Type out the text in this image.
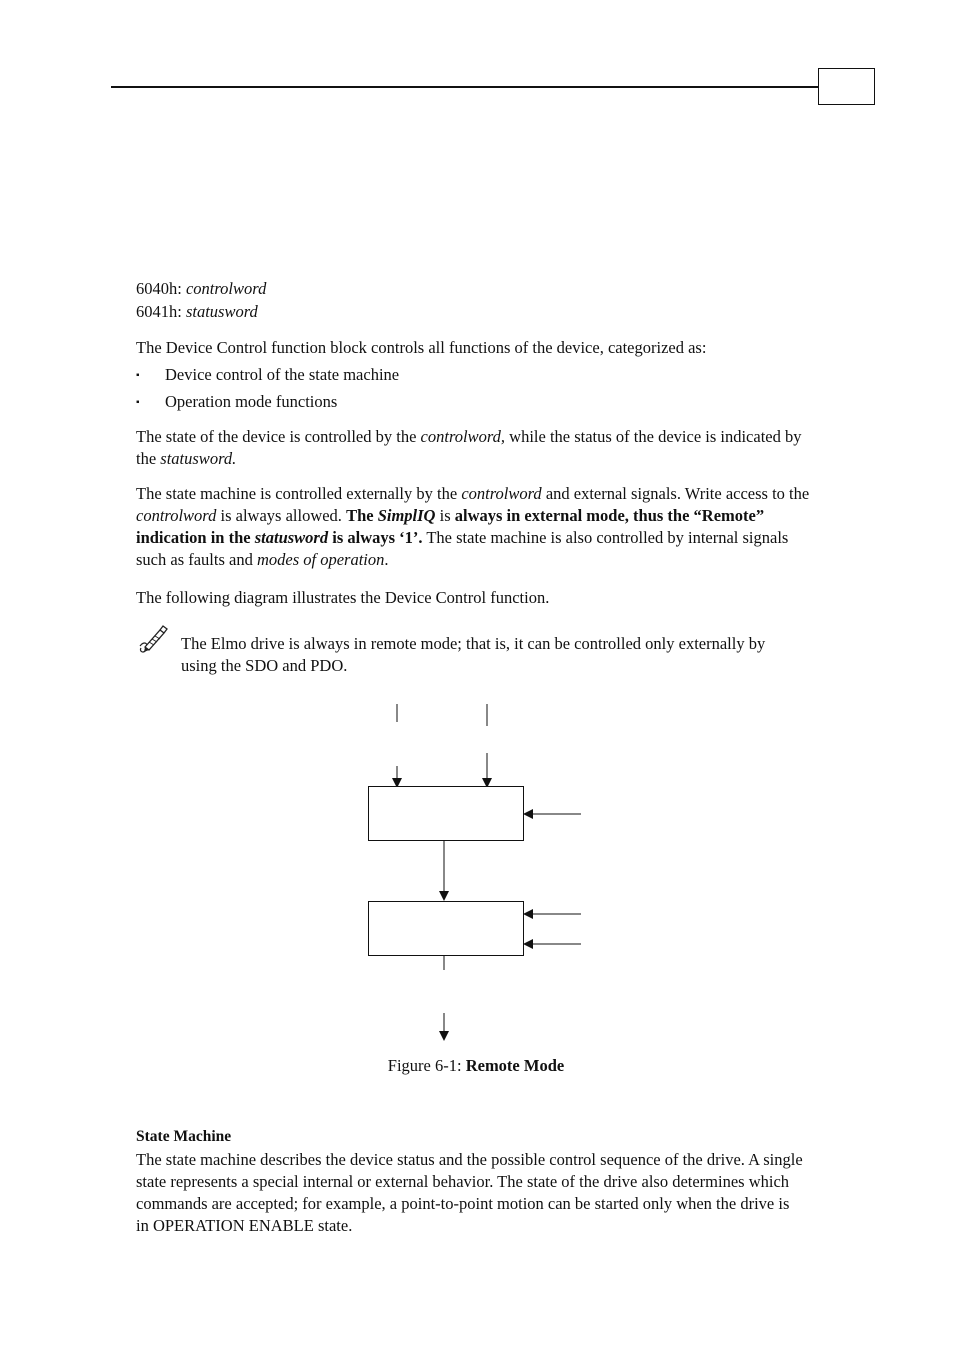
6040h: controlword

6041h: statusword

The Device Control function block controls all functions of the device, categorized as:

▪ Device control of the state machine

▪ Operation mode functions

The state of the device is controlled by the controlword, while the status of the device is indicated by the statusword.

The state machine is controlled externally by the controlword and external signals. Write access to the controlword is always allowed. The SimplIQ is always in external mode, thus the “Remote” indication in the statusword is always ‘1’. The state machine is also controlled by internal signals such as faults and modes of operation.

The following diagram illustrates the Device Control function.

The Elmo drive is always in remote mode; that is, it can be controlled only externally by using the SDO and PDO.

Figure 6-1: Remote Mode

State Machine

The state machine describes the device status and the possible control sequence of the drive. A single state represents a special internal or external behavior. The state of the drive also determines which commands are accepted; for example, a point-to-point motion can be started only when the drive is in OPERATION ENABLE state.
